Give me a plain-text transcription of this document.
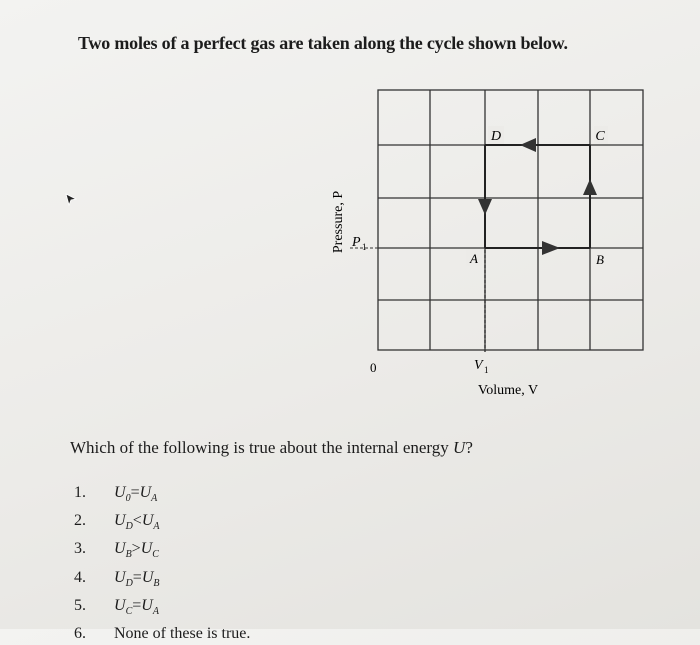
Two moles of a perfect gas are taken along the cycle shown below.
D	C
A	B
Pressure, P
Volume, V
0
P 1
V 1
Which of the following is true about the internal energy U?
1.	$U_0=U_A$
2.	$U_D<U_A$
3.	$U_B>U_C$
4.	$U_D=U_B$
5.	$U_C=U_A$
6.	None of these is true.
